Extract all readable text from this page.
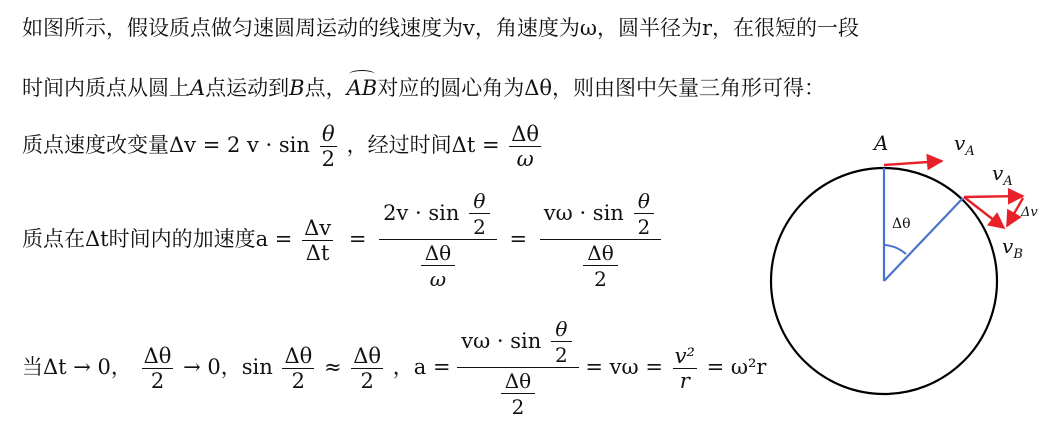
如图所示，假设质点做匀速圆周运动的线速度为v，角速度为ω，圆半径为r，在很短的一段
时间内质点从圆上A点运动到B点，AB对应的圆心角为Δθ，则由图中矢量三角形可得：
质点速度改变量Δv = 2 $v \cdot \sin \frac{\theta}{2}$ ，经过时间$\Delta t = \frac{\Delta\theta}{\omega}$
质点在Δt时间内的加速度$a = \frac{\Delta v}{\Delta t} = \frac{2v \cdot \sin \frac{\theta}{2}}{\frac{\Delta\theta}{\omega}} = \frac{v\omega \cdot \sin \frac{\theta}{2}}{\frac{\Delta\theta}{2}}$
当Δt → 0， $\frac{\Delta\theta}{2} \to 0$，$\sin \frac{\Delta\theta}{2} \approx \frac{\Delta\theta}{2}$ ，$a = \frac{v\omega \cdot \sin \frac{\theta}{2}}{\frac{\Delta\theta}{2}} = v\omega = \frac{\text{v²}}{r} = \omega^2r$
Δθ
A	$v_A$
$v_A$
Δv
$v_B$
